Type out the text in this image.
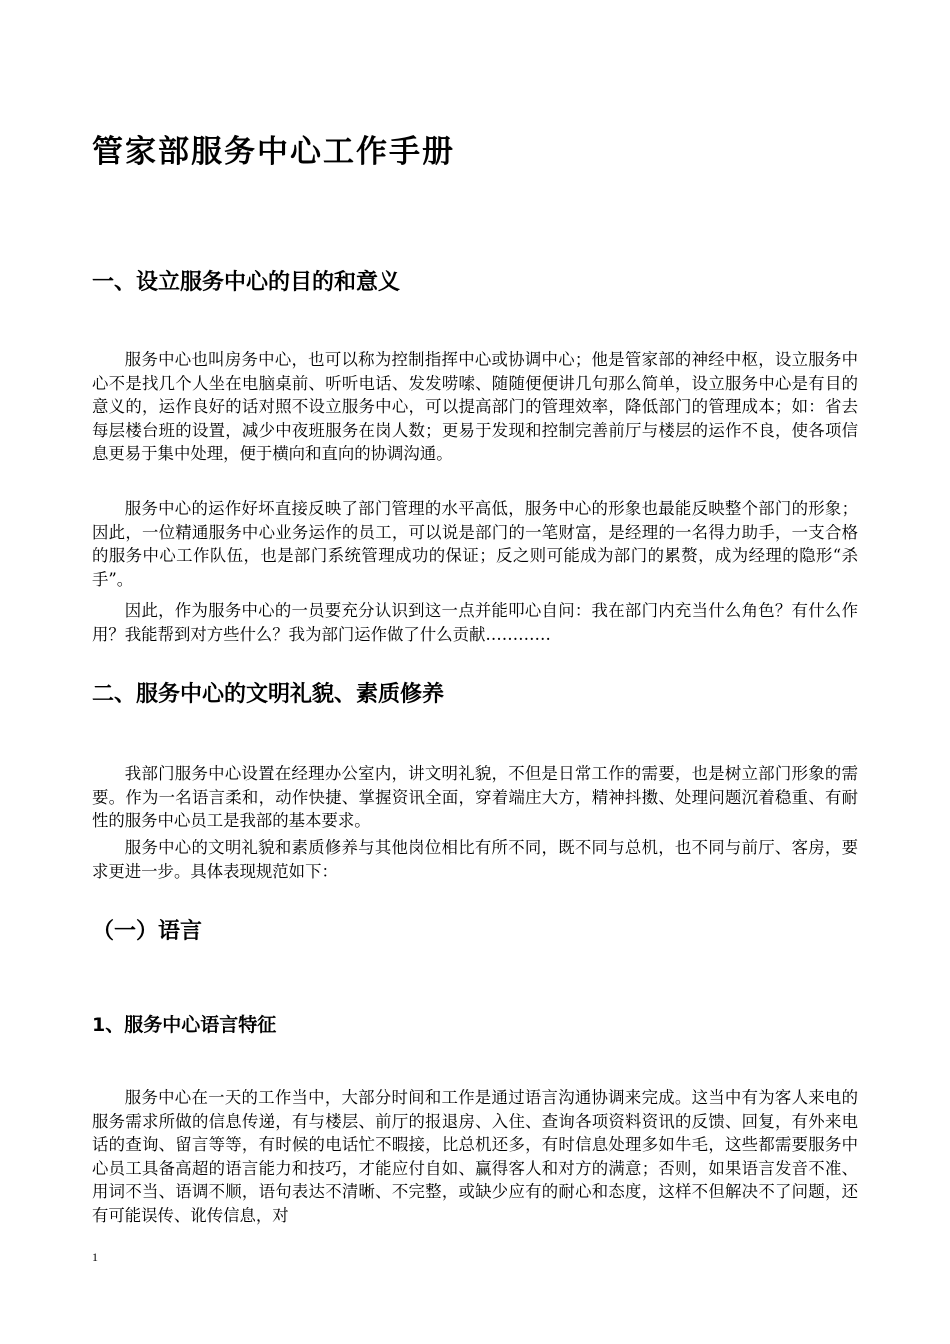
管家部服务中心工作手册
一、设立服务中心的目的和意义

服务中心也叫房务中心，也可以称为控制指挥中心或协调中心；他是管家部的神经中枢，设立服务中心不是找几个人坐在电脑桌前、听听电话、发发唠嗦、随随便便讲几句那么简单，设立服务中心是有目的意义的，运作良好的话对照不设立服务中心，可以提高部门的管理效率，降低部门的管理成本；如：省去每层楼台班的设置，减少中夜班服务在岗人数；更易于发现和控制完善前厅与楼层的运作不良，使各项信息更易于集中处理，便于横向和直向的协调沟通。

服务中心的运作好坏直接反映了部门管理的水平高低，服务中心的形象也最能反映整个部门的形象；因此，一位精通服务中心业务运作的员工，可以说是部门的一笔财富，是经理的一名得力助手，一支合格的服务中心工作队伍，也是部门系统管理成功的保证；反之则可能成为部门的累赘，成为经理的隐形“杀手”。

因此，作为服务中心的一员要充分认识到这一点并能叩心自问：我在部门内充当什么角色？有什么作用？我能帮到对方些什么？我为部门运作做了什么贡献…………

二、服务中心的文明礼貌、素质修养

我部门服务中心设置在经理办公室内，讲文明礼貌，不但是日常工作的需要，也是树立部门形象的需要。作为一名语言柔和，动作快捷、掌握资讯全面，穿着端庄大方，精神抖擞、处理问题沉着稳重、有耐性的服务中心员工是我部的基本要求。

服务中心的文明礼貌和素质修养与其他岗位相比有所不同，既不同与总机，也不同与前厅、客房，要求更进一步。具体表现规范如下：

（一）语言
1、服务中心语言特征

服务中心在一天的工作当中，大部分时间和工作是通过语言沟通协调来完成。这当中有为客人来电的服务需求所做的信息传递，有与楼层、前厅的报退房、入住、查询各项资料资讯的反馈、回复，有外来电话的查询、留言等等，有时候的电话忙不暇接，比总机还多，有时信息处理多如牛毛，这些都需要服务中心员工具备高超的语言能力和技巧，才能应付自如、赢得客人和对方的满意；否则，如果语言发音不准、用词不当、语调不顺，语句表达不清晰、不完整，或缺少应有的耐心和态度，这样不但解决不了问题，还有可能误传、讹传信息，对

1
